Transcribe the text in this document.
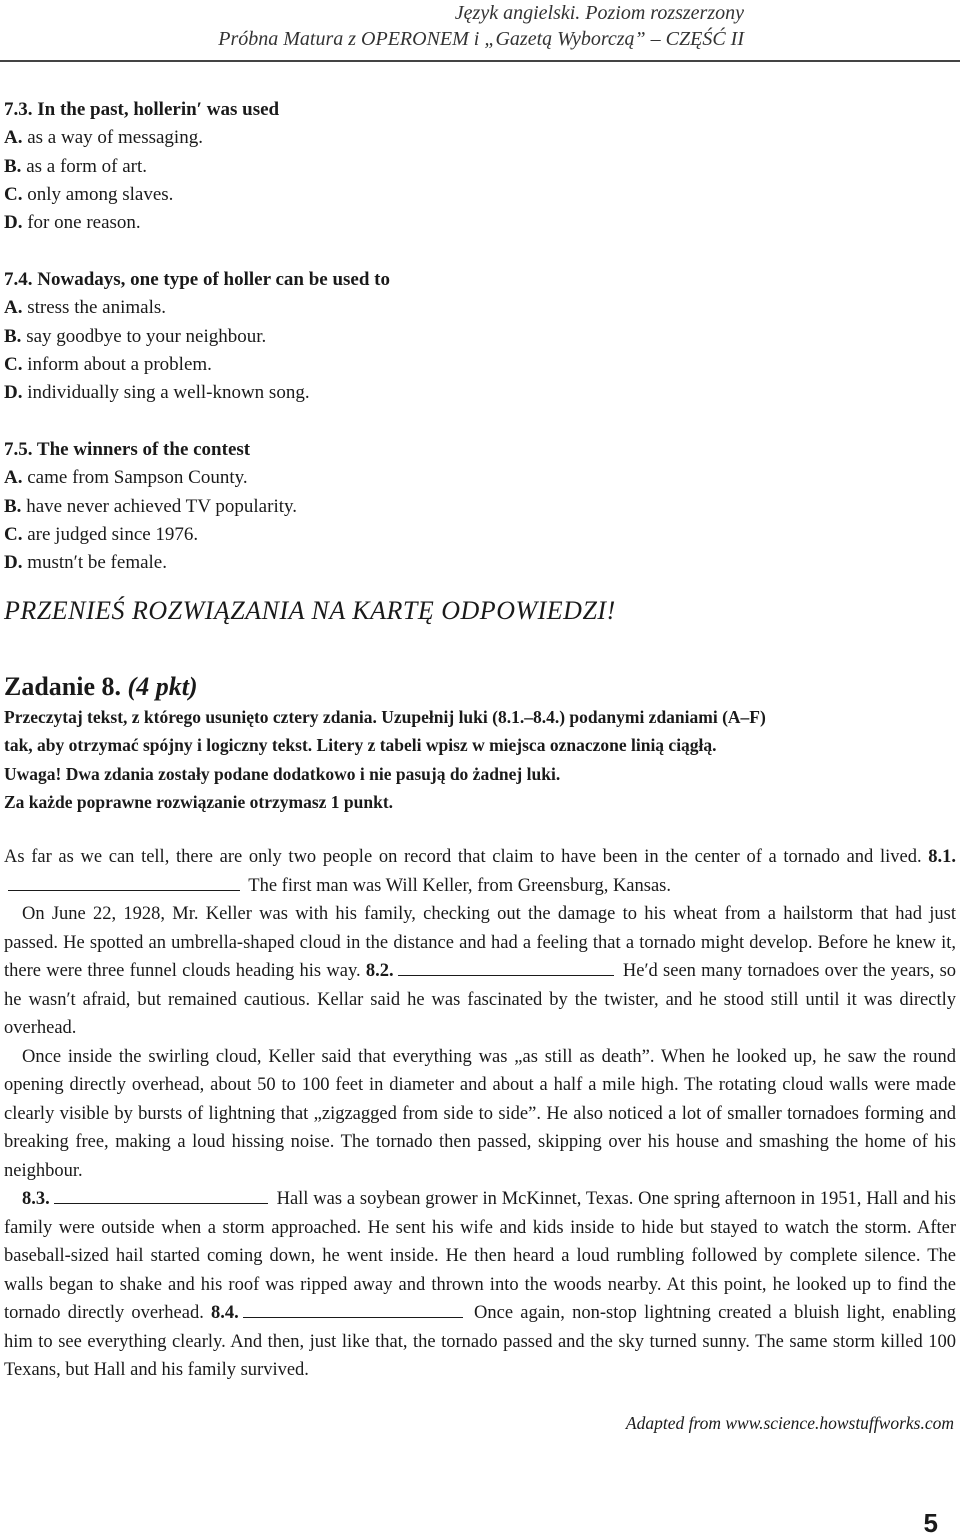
Język angielski. Poziom rozszerzony
Próbna Matura z OPERONEM i „Gazetą Wyborczą” – CZĘŚĆ II
7.3. In the past, hollerin′ was used
A. as a way of messaging.
B. as a form of art.
C. only among slaves.
D. for one reason.
7.4. Nowadays, one type of holler can be used to
A. stress the animals.
B. say goodbye to your neighbour.
C. inform about a problem.
D. individually sing a well-known song.
7.5. The winners of the contest
A. came from Sampson County.
B. have never achieved TV popularity.
C. are judged since 1976.
D. mustn′t be female.
PRZENIEŚ ROZWIĄZANIA NA KARTĘ ODPOWIEDZI!
Zadanie 8. (4 pkt)
Przeczytaj tekst, z którego usunięto cztery zdania. Uzupełnij luki (8.1.–8.4.) podanymi zdaniami (A–F)
tak, aby otrzymać spójny i logiczny tekst. Litery z tabeli wpisz w miejsca oznaczone linią ciągłą.
Uwaga! Dwa zdania zostały podane dodatkowo i nie pasują do żadnej luki.
Za każde poprawne rozwiązanie otrzymasz 1 punkt.

As far as we can tell, there are only two people on record that claim to have been in the center of a tornado and lived. 8.1. The first man was Will Keller, from Greensburg, Kansas.

On June 22, 1928, Mr. Keller was with his family, checking out the damage to his wheat from a hailstorm that had just passed. He spotted an umbrella-shaped cloud in the distance and had a feeling that a tornado might develop. Before he knew it, there were three funnel clouds heading his way. 8.2.	He′d seen many tornadoes over the years, so he wasn′t afraid, but remained cautious. Kellar said he was fascinated by the twister, and he stood still until it was directly overhead.

Once inside the swirling cloud, Keller said that everything was „as still as death”. When he looked up, he saw the round opening directly overhead, about 50 to 100 feet in diameter and about a half a mile high. The rotating cloud walls were made clearly visible by bursts of lightning that „zigzagged from side to side”. He also noticed a lot of smaller tornadoes forming and breaking free, making a loud hissing noise. The tornado then passed, skipping over his house and smashing the home of his neighbour.

8.3.	Hall was a soybean grower in McKinnet, Texas. One spring afternoon in 1951, Hall and his family were outside when a storm approached. He sent his wife and kids inside to hide but stayed to watch the storm. After baseball-sized hail started coming down, he went inside. He then heard a loud rumbling followed by complete silence. The walls began to shake and his roof was ripped away and thrown into the woods nearby. At this point, he looked up to find the tornado directly overhead. 8.4.	Once again, non-stop lightning created a bluish light, enabling him to see everything clearly. And then, just like that, the tornado passed and the sky turned sunny. The same storm killed 100 Texans, but Hall and his family survived.

Adapted from www.science.howstuffworks.com
5
